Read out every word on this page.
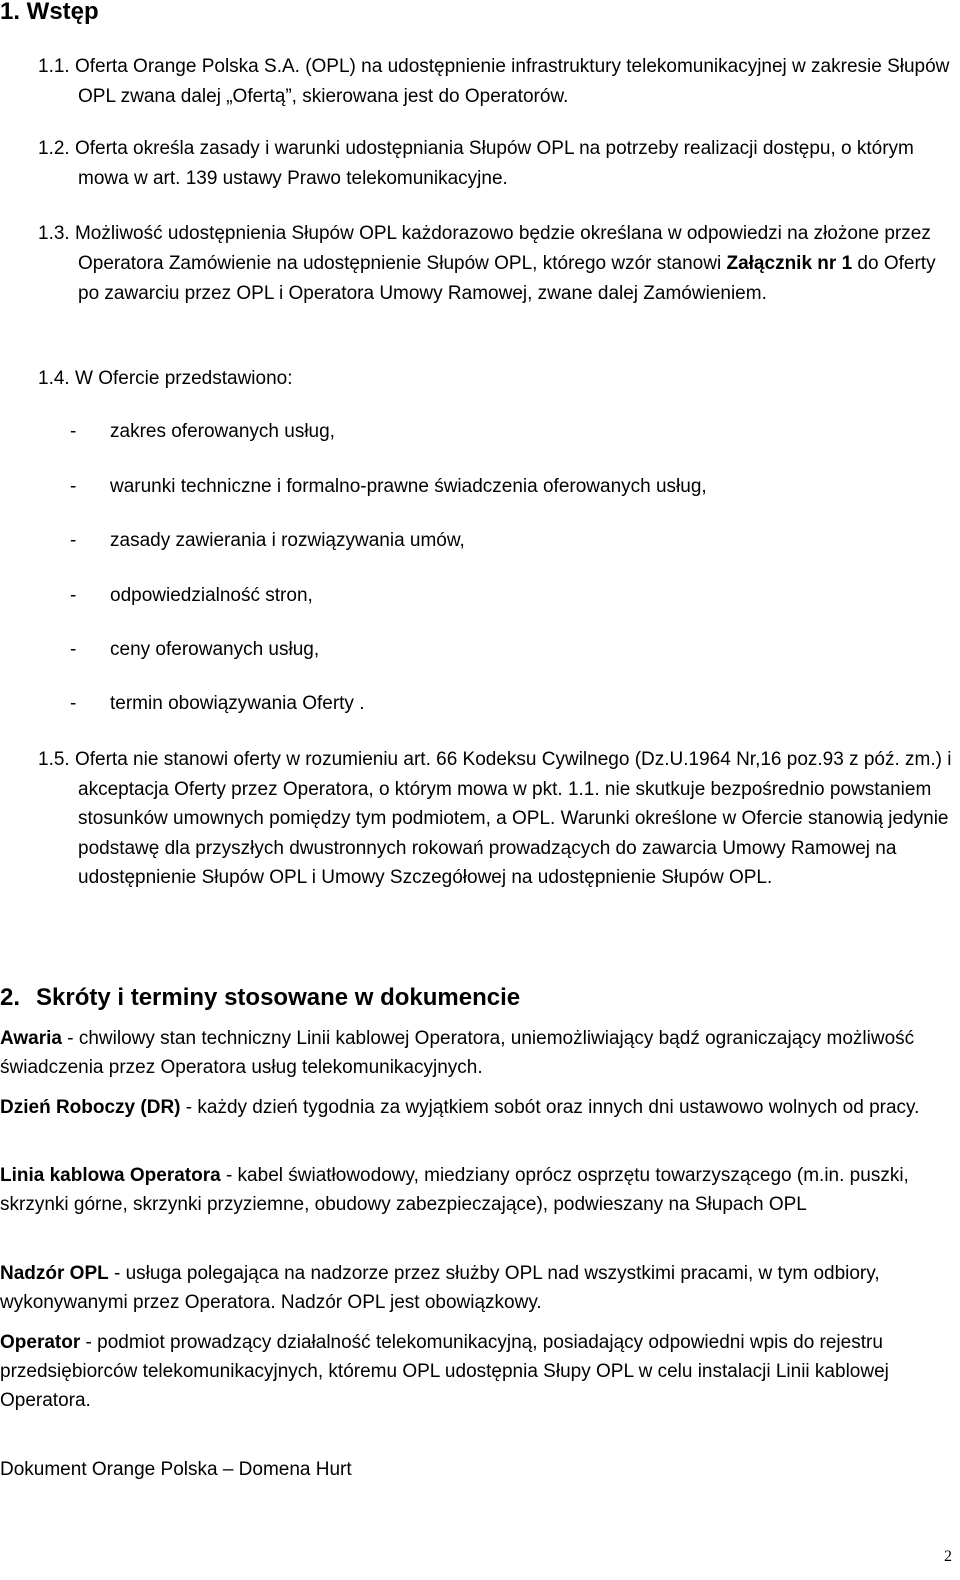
1. Wstęp
1.1. Oferta Orange Polska S.A. (OPL) na udostępnienie infrastruktury telekomunikacyjnej w zakresie Słupów OPL zwana dalej „Ofertą”, skierowana jest do Operatorów.
1.2. Oferta określa zasady i warunki udostępniania Słupów OPL na potrzeby realizacji dostępu, o którym mowa w art. 139 ustawy Prawo telekomunikacyjne.
1.3. Możliwość udostępnienia Słupów OPL każdorazowo będzie określana w odpowiedzi na złożone przez Operatora Zamówienie na udostępnienie Słupów OPL, którego wzór stanowi Załącznik nr 1 do Oferty po zawarciu przez OPL i Operatora Umowy Ramowej, zwane dalej Zamówieniem.
1.4. W Ofercie przedstawiono:
- zakres oferowanych usług,
- warunki techniczne i formalno-prawne świadczenia oferowanych usług,
- zasady zawierania i rozwiązywania umów,
- odpowiedzialność stron,
- ceny oferowanych usług,
- termin obowiązywania Oferty .
1.5. Oferta nie stanowi oferty w rozumieniu art. 66 Kodeksu Cywilnego (Dz.U.1964 Nr,16 poz.93 z póź. zm.) i akceptacja Oferty przez Operatora, o którym mowa w pkt. 1.1. nie skutkuje bezpośrednio powstaniem stosunków umownych pomiędzy tym podmiotem, a OPL. Warunki określone w Ofercie stanowią jedynie podstawę dla przyszłych dwustronnych rokowań prowadzących do zawarcia Umowy Ramowej na udostępnienie Słupów OPL i Umowy Szczegółowej na udostępnienie Słupów OPL.
2. Skróty i terminy stosowane w dokumencie
Awaria - chwilowy stan techniczny Linii kablowej Operatora, uniemożliwiający bądź ograniczający możliwość świadczenia przez Operatora usług telekomunikacyjnych.
Dzień Roboczy (DR) - każdy dzień tygodnia za wyjątkiem sobót oraz innych dni ustawowo wolnych od pracy.
Linia kablowa Operatora - kabel światłowodowy, miedziany oprócz osprzętu towarzyszącego (m.in. puszki, skrzynki górne, skrzynki przyziemne, obudowy zabezpieczające), podwieszany na Słupach OPL
Nadzór OPL - usługa polegająca na nadzorze przez służby OPL nad wszystkimi pracami, w tym odbiory, wykonywanymi przez Operatora. Nadzór OPL jest obowiązkowy.
Operator - podmiot prowadzący działalność telekomunikacyjną, posiadający odpowiedni wpis do rejestru przedsiębiorców telekomunikacyjnych, któremu OPL udostępnia Słupy OPL w celu instalacji Linii kablowej Operatora.
Dokument Orange Polska – Domena Hurt
2
